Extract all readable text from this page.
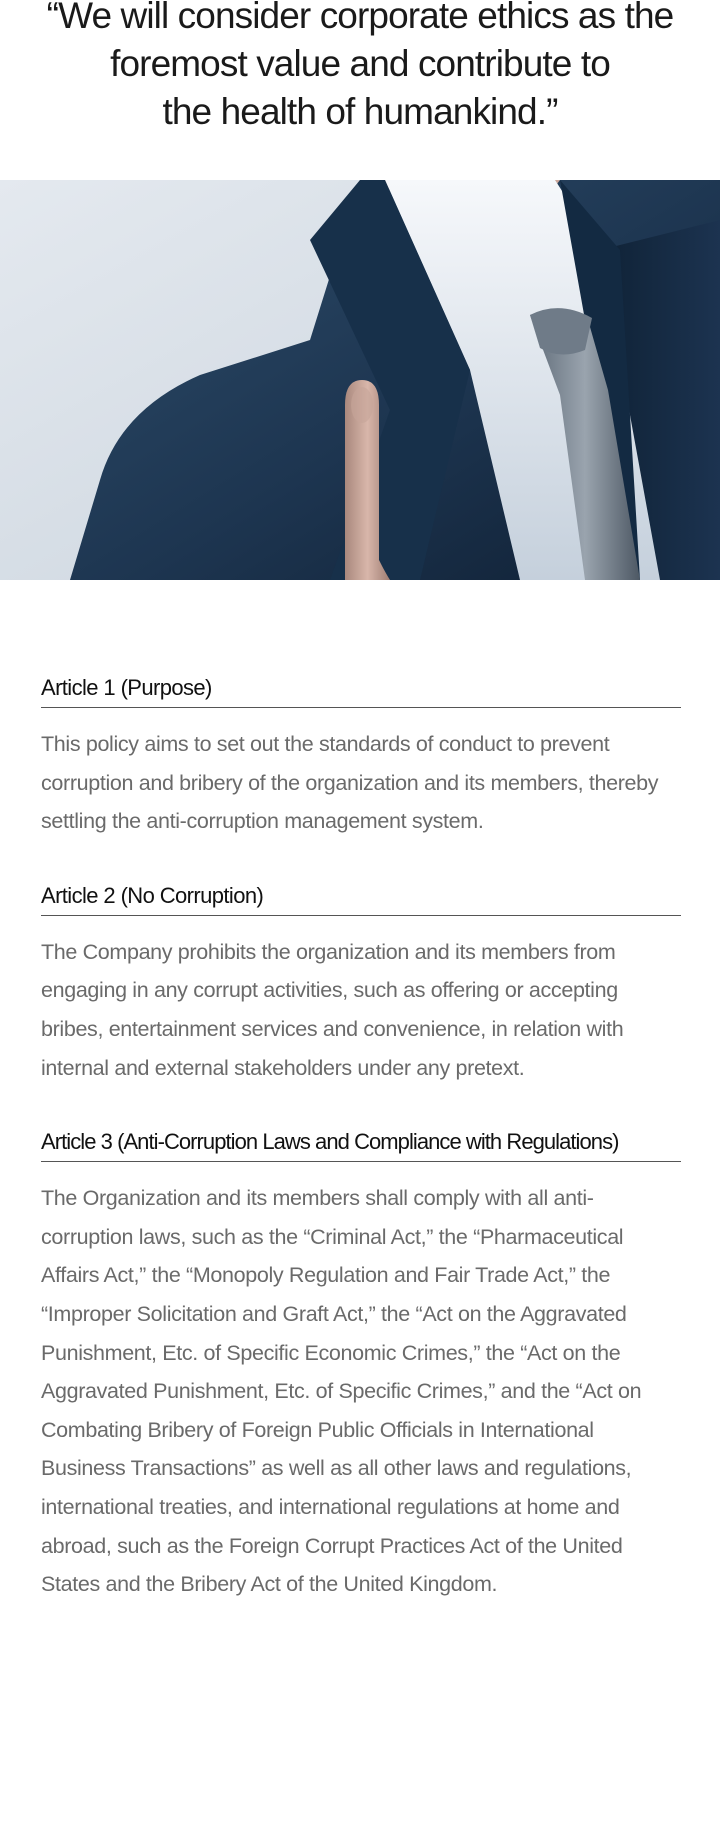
“We will consider corporate ethics as the
foremost value and contribute to
the health of humankind.”
Article 1 (Purpose)

This policy aims to set out the standards of conduct to prevent corruption and bribery of the organization and its members, thereby settling the anti-corruption management system.

Article 2 (No Corruption)

The Company prohibits the organization and its members from engaging in any corrupt activities, such as offering or accepting bribes, entertainment services and convenience, in relation with internal and external stakeholders under any pretext.

Article 3 (Anti-Corruption Laws and Compliance with Regulations)

The Organization and its members shall comply with all anti-corruption laws, such as the “Criminal Act,” the “Pharmaceutical Affairs Act,” the “Monopoly Regulation and Fair Trade Act,” the “Improper Solicitation and Graft Act,” the “Act on the Aggravated Punishment, Etc. of Specific Economic Crimes,” the “Act on the Aggravated Punishment, Etc. of Specific Crimes,” and the “Act on Combating Bribery of Foreign Public Officials in International Business Transactions” as well as all other laws and regulations, international treaties, and international regulations at home and abroad, such as the Foreign Corrupt Practices Act of the United States and the Bribery Act of the United Kingdom.
